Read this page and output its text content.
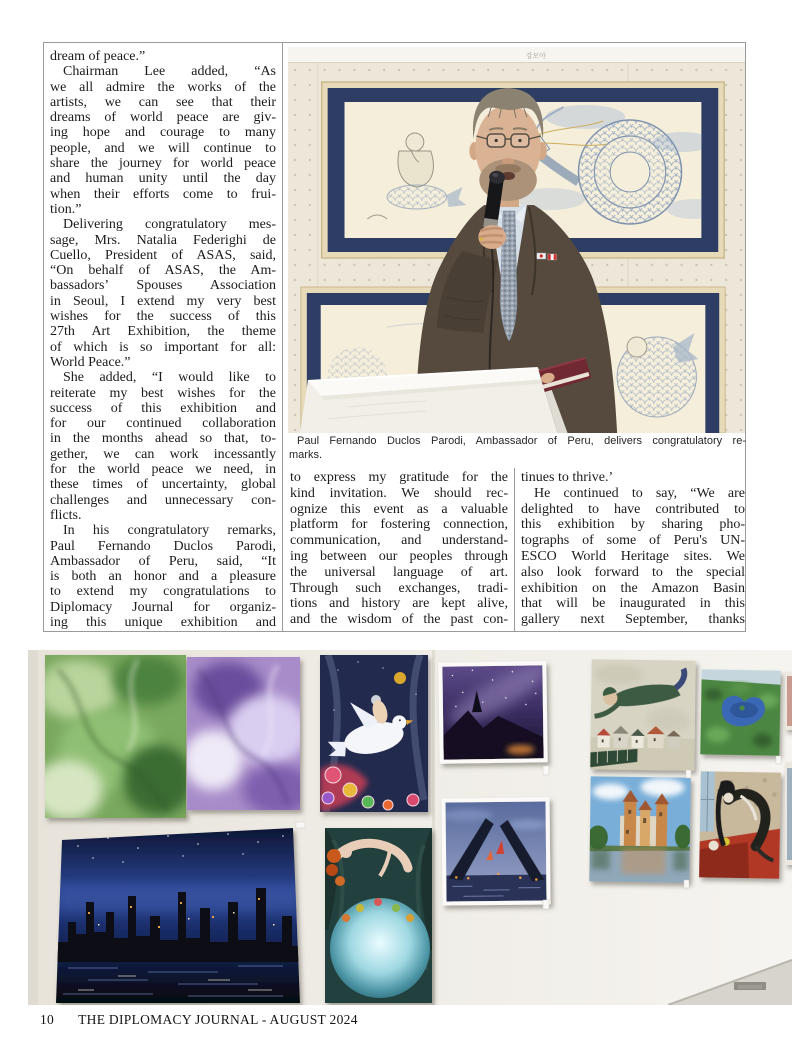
dream of peace.”
Chairman Lee added, “As
we all admire the works of the
artists, we can see that their
dreams of world peace are giv-
ing hope and courage to many
people, and we will continue to
share the journey for world peace
and human unity until the day
when their efforts come to frui-
tion.”
Delivering congratulatory mes-
sage, Mrs. Natalia Federighi de
Cuello, President of ASAS, said,
“On behalf of ASAS, the Am-
bassadors’ Spouses Association
in Seoul, I extend my very best
wishes for the success of this
27th Art Exhibition, the theme
of which is so important for all:
World Peace.”
She added, “I would like to
reiterate my best wishes for the
success of this exhibition and
for our continued collaboration
in the months ahead so that, to-
gether, we can work incessantly
for the world peace we need, in
these times of uncertainty, global
challenges and unnecessary con-
flicts.
In his congratulatory remarks,
Paul Fernando Duclos Parodi,
Ambassador of Peru, said, “It
is both an honor and a pleasure
to extend my congratulations to
Diplomacy Journal for organiz-
ing this unique exhibition and
강모아
Paul Fernando Duclos Parodi, Ambassador of Peru, delivers congratulatory re-
marks.
to express my gratitude for the
kind invitation. We should rec-
ognize this event as a valuable
platform for fostering connection,
communication, and understand-
ing between our peoples through
the universal language of art.
Through such exchanges, tradi-
tions and history are kept alive,
and the wisdom of the past con-
tinues to thrive.’
He continued to say, “We are
delighted to have contributed to
this exhibition by sharing pho-
tographs of some of Peru's UN-
ESCO World Heritage sites. We
also look forward to the special
exhibition on the Amazon Basin
that will be inaugurated in this
gallery next September, thanks
10 THE DIPLOMACY JOURNAL - AUGUST 2024
